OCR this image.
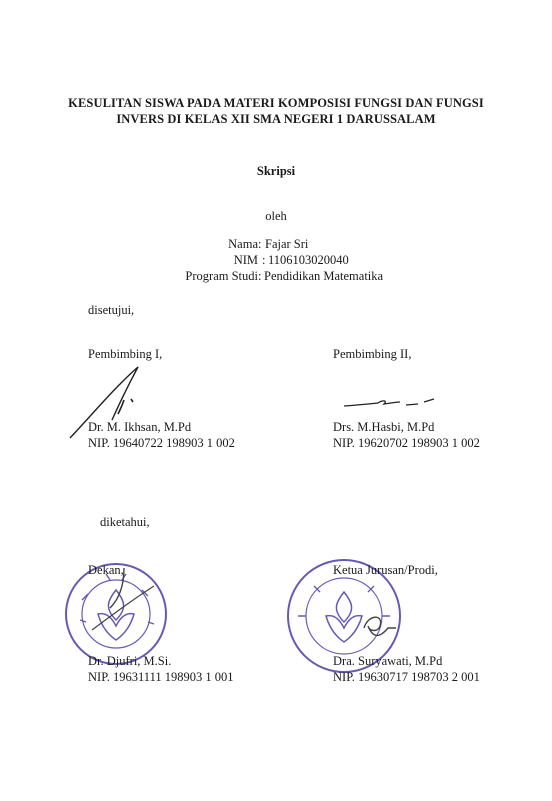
KESULITAN SISWA PADA MATERI KOMPOSISI FUNGSI DAN FUNGSI
INVERS DI KELAS XII SMA NEGERI 1 DARUSSALAM
Skripsi
oleh
Nama : Fajar Sri
NIM : 1106103020040
Program Studi : Pendidikan Matematika
disetujui,
Pembimbing I,	Pembimbing II,
Dr. M. Ikhsan, M.Pd
NIP. 19640722 198903 1 002
Drs. M.Hasbi, M.Pd
NIP. 19620702 198903 1 002
diketahui,
Dekan,	Ketua Jurusan/Prodi,
Dr. Djufri, M.Si.
NIP. 19631111 198903 1 001
Dra. Suryawati, M.Pd
NIP. 19630717 198703 2 001
